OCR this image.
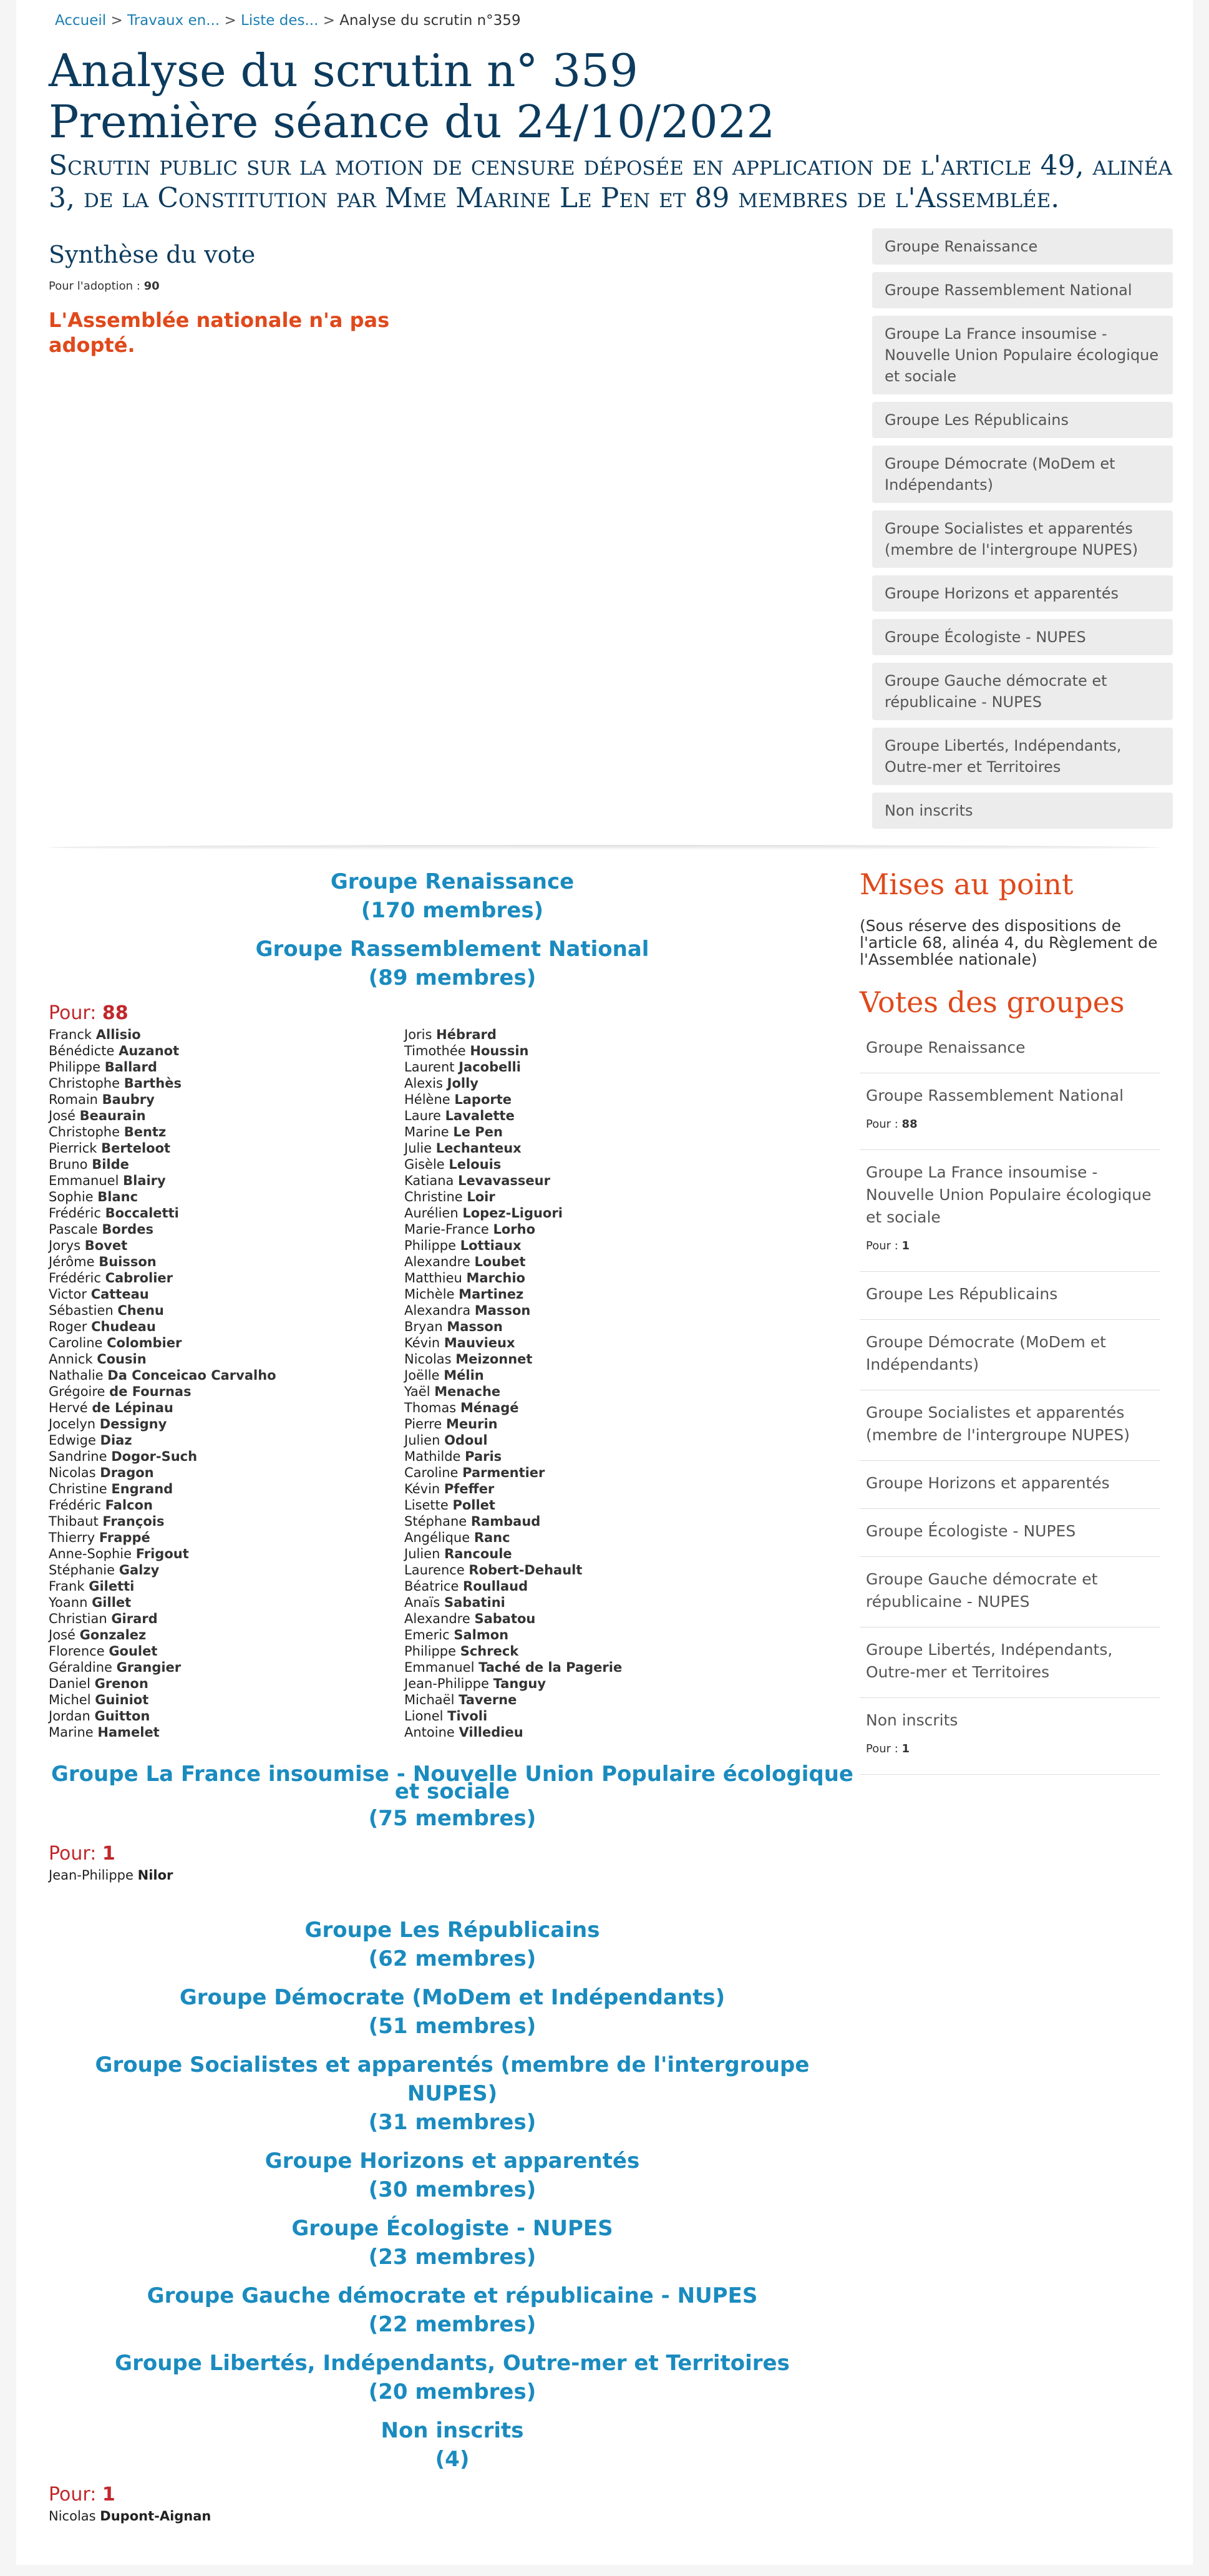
Accueil > Travaux en... > Liste des... > Analyse du scrutin n°359
Analyse du scrutin n° 359
Première séance du 24/10/2022
Scrutin public sur la motion de censure déposée en application de l'article 49, alinéa 3, de la Constitution par Mme Marine Le Pen et 89 membres de l'Assemblée.
Synthèse du vote
Pour l'adoption : 90
L'Assemblée nationale n'a pas adopté.
Groupe Renaissance
Groupe Rassemblement National
Groupe La France insoumise - Nouvelle Union Populaire écologique et sociale
Groupe Les Républicains
Groupe Démocrate (MoDem et Indépendants)
Groupe Socialistes et apparentés (membre de l'intergroupe NUPES)
Groupe Horizons et apparentés
Groupe Écologiste - NUPES
Groupe Gauche démocrate et républicaine - NUPES
Groupe Libertés, Indépendants, Outre-mer et Territoires
Non inscrits
Groupe Renaissance
(170 membres)
Groupe Rassemblement National
(89 membres)
Pour: 88
Franck Allisio
Bénédicte Auzanot
Philippe Ballard
Christophe Barthès
Romain Baubry
José Beaurain
Christophe Bentz
Pierrick Berteloot
Bruno Bilde
Emmanuel Blairy
Sophie Blanc
Frédéric Boccaletti
Pascale Bordes
Jorys Bovet
Jérôme Buisson
Frédéric Cabrolier
Victor Catteau
Sébastien Chenu
Roger Chudeau
Caroline Colombier
Annick Cousin
Nathalie Da Conceicao Carvalho
Grégoire de Fournas
Hervé de Lépinau
Jocelyn Dessigny
Edwige Diaz
Sandrine Dogor-Such
Nicolas Dragon
Christine Engrand
Frédéric Falcon
Thibaut François
Thierry Frappé
Anne-Sophie Frigout
Stéphanie Galzy
Frank Giletti
Yoann Gillet
Christian Girard
José Gonzalez
Florence Goulet
Géraldine Grangier
Daniel Grenon
Michel Guiniot
Jordan Guitton
Marine Hamelet
Joris Hébrard
Timothée Houssin
Laurent Jacobelli
Alexis Jolly
Hélène Laporte
Laure Lavalette
Marine Le Pen
Julie Lechanteux
Gisèle Lelouis
Katiana Levavasseur
Christine Loir
Aurélien Lopez-Liguori
Marie-France Lorho
Philippe Lottiaux
Alexandre Loubet
Matthieu Marchio
Michèle Martinez
Alexandra Masson
Bryan Masson
Kévin Mauvieux
Nicolas Meizonnet
Joëlle Mélin
Yaël Menache
Thomas Ménagé
Pierre Meurin
Julien Odoul
Mathilde Paris
Caroline Parmentier
Kévin Pfeffer
Lisette Pollet
Stéphane Rambaud
Angélique Ranc
Julien Rancoule
Laurence Robert-Dehault
Béatrice Roullaud
Anaïs Sabatini
Alexandre Sabatou
Emeric Salmon
Philippe Schreck
Emmanuel Taché de la Pagerie
Jean-Philippe Tanguy
Michaël Taverne
Lionel Tivoli
Antoine Villedieu
Groupe La France insoumise - Nouvelle Union Populaire écologique et sociale
(75 membres)
Pour: 1
Jean-Philippe Nilor
Groupe Les Républicains
(62 membres)
Groupe Démocrate (MoDem et Indépendants)
(51 membres)
Groupe Socialistes et apparentés (membre de l'intergroupe NUPES)
(31 membres)
Groupe Horizons et apparentés
(30 membres)
Groupe Écologiste - NUPES
(23 membres)
Groupe Gauche démocrate et républicaine - NUPES
(22 membres)
Groupe Libertés, Indépendants, Outre-mer et Territoires
(20 membres)
Non inscrits
(4)
Pour: 1
Nicolas Dupont-Aignan
Mises au point
(Sous réserve des dispositions de l'article 68, alinéa 4, du Règlement de l'Assemblée nationale)
Votes des groupes
Groupe Renaissance
Groupe Rassemblement National
Pour : 88
Groupe La France insoumise - Nouvelle Union Populaire écologique et sociale
Pour : 1
Groupe Les Républicains
Groupe Démocrate (MoDem et Indépendants)
Groupe Socialistes et apparentés (membre de l'intergroupe NUPES)
Groupe Horizons et apparentés
Groupe Écologiste - NUPES
Groupe Gauche démocrate et républicaine - NUPES
Groupe Libertés, Indépendants, Outre-mer et Territoires
Non inscrits
Pour : 1
